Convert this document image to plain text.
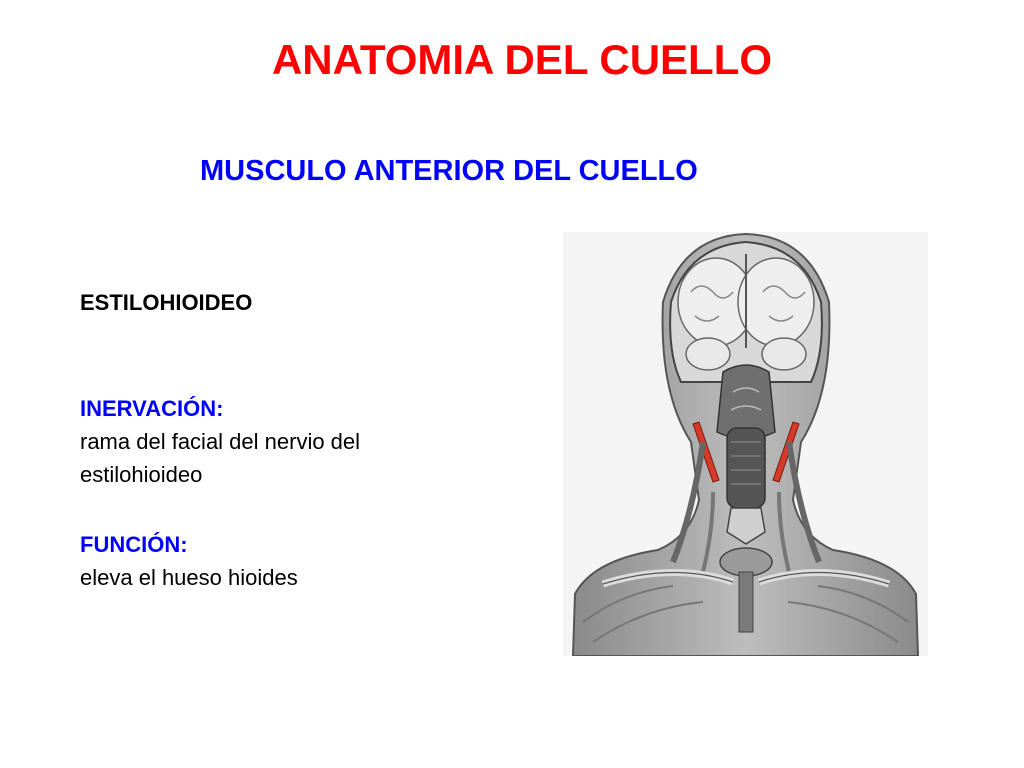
ANATOMIA DEL CUELLO
MUSCULO ANTERIOR DEL CUELLO
ESTILOHIOIDEO
INERVACIÓN:
rama del facial del nervio del estilohioideo
FUNCIÓN:
eleva el hueso hioides
